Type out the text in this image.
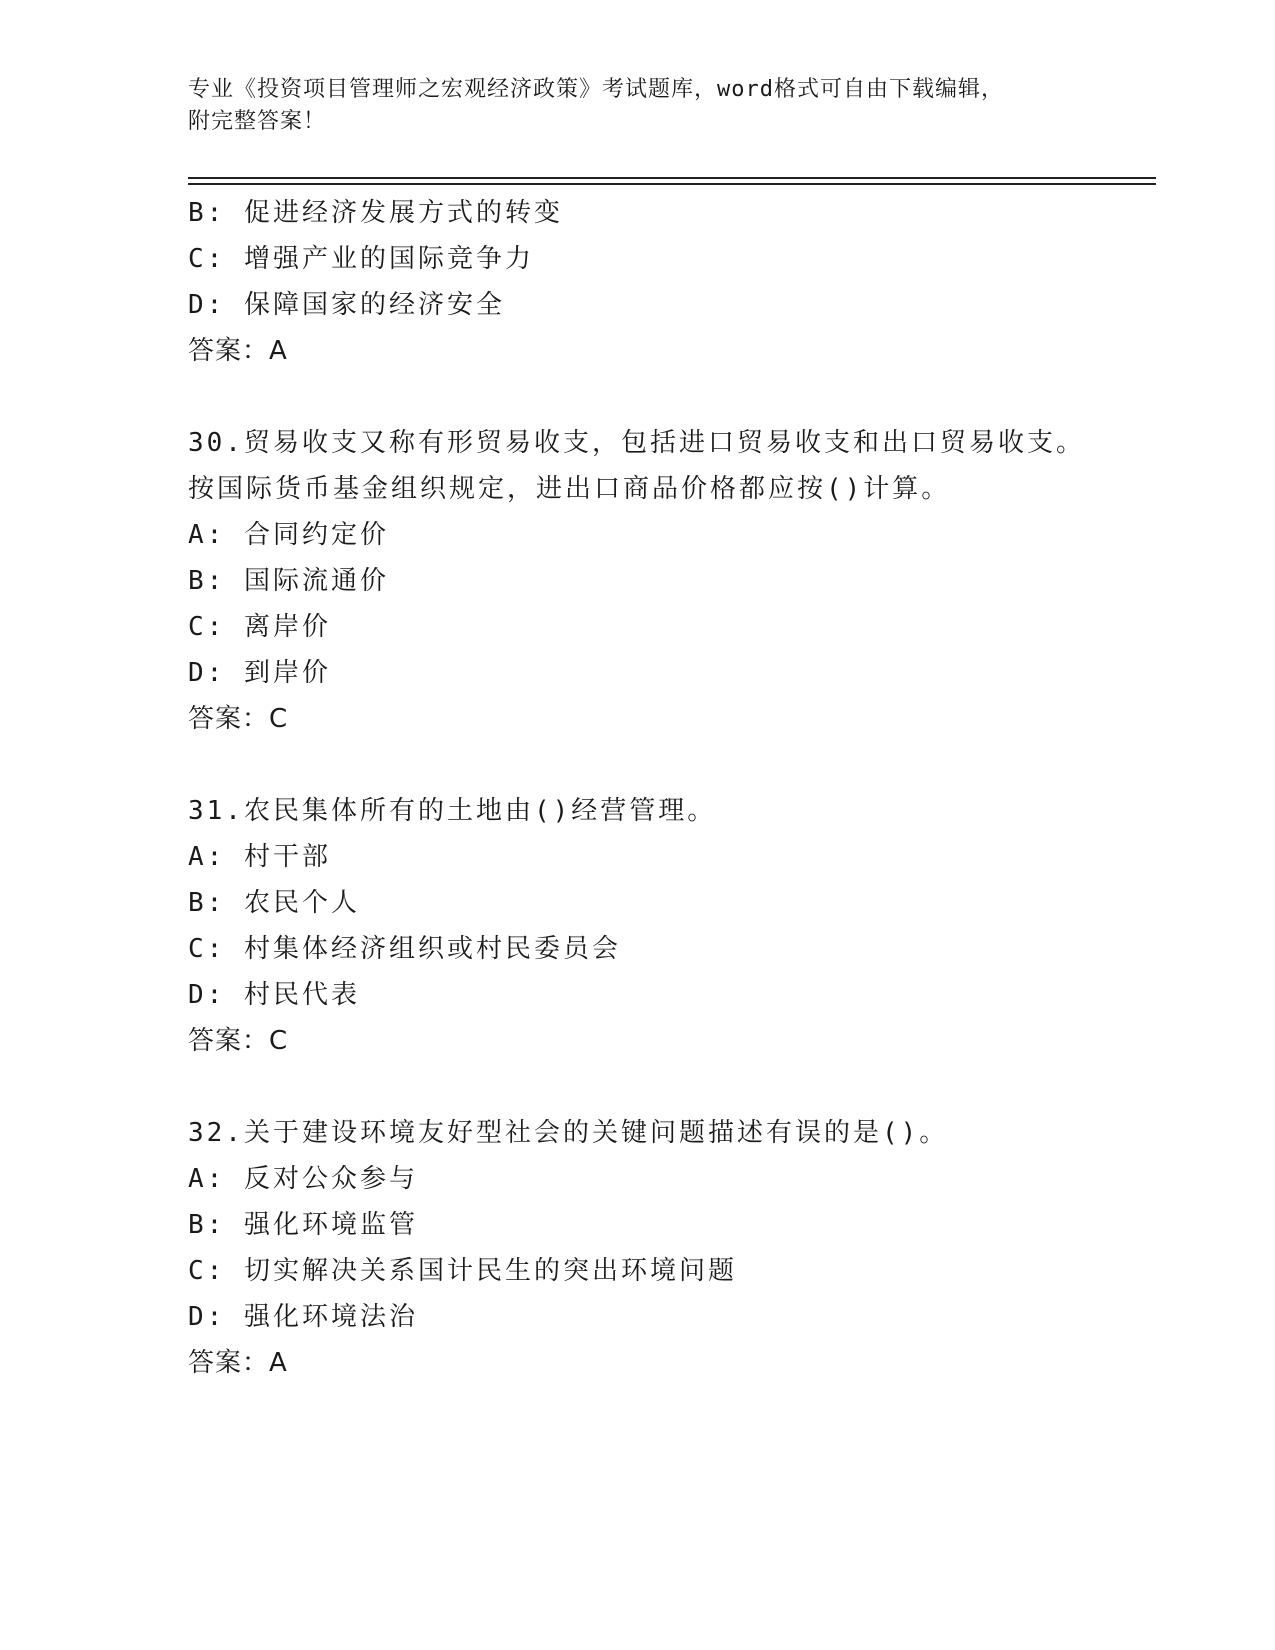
专业《投资项目管理师之宏观经济政策》考试题库，word格式可自由下载编辑，
附完整答案！
B: 促进经济发展方式的转变
C: 增强产业的国际竞争力
D: 保障国家的经济安全
答案：A
30.贸易收支又称有形贸易收支，包括进口贸易收支和出口贸易收支。
按国际货币基金组织规定，进出口商品价格都应按()计算。
A: 合同约定价
B: 国际流通价
C: 离岸价
D: 到岸价
答案：C
31.农民集体所有的土地由()经营管理。
A: 村干部
B: 农民个人
C: 村集体经济组织或村民委员会
D: 村民代表
答案：C
32.关于建设环境友好型社会的关键问题描述有误的是()。
A: 反对公众参与
B: 强化环境监管
C: 切实解决关系国计民生的突出环境问题
D: 强化环境法治
答案：A
